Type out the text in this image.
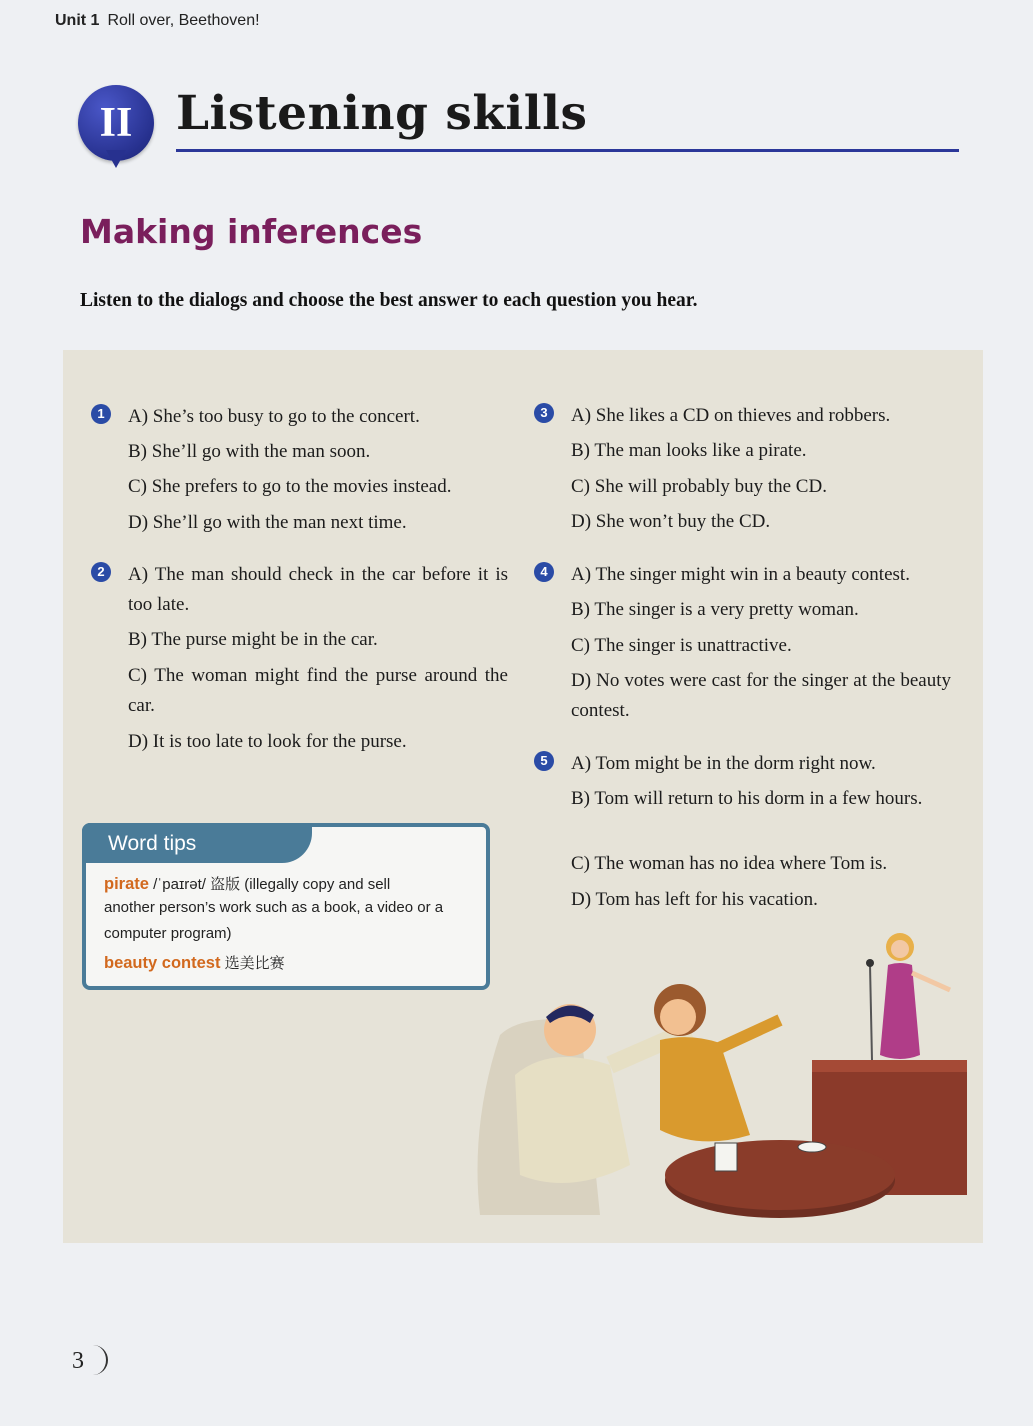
Unit 1 Roll over, Beethoven!
II Listening skills
Making inferences
Listen to the dialogs and choose the best answer to each question you hear.
1	A) She’s too busy to go to the concert.
B) She’ll go with the man soon.
C) She prefers to go to the movies instead.
D) She’ll go with the man next time.
2	A) The man should check in the car before it is too late.
B) The purse might be in the car.
C) The woman might find the purse around the car.
D) It is too late to look for the purse.
3	A) She likes a CD on thieves and robbers.
B) The man looks like a pirate.
C) She will probably buy the CD.
D) She won’t buy the CD.
4	A) The singer might win in a beauty contest.
B) The singer is a very pretty woman.
C) The singer is unattractive.
D) No votes were cast for the singer at the beauty contest.
5	A) Tom might be in the dorm right now.
B) Tom will return to his dorm in a few hours.
C) The woman has no idea where Tom is.
D) Tom has left for his vacation.
Word tips
pirate /ˈpaɪrət/ 盗版 (illegally copy and sell
another person’s work such as a book, a video or a
computer program)
beauty contest 选美比赛
3
